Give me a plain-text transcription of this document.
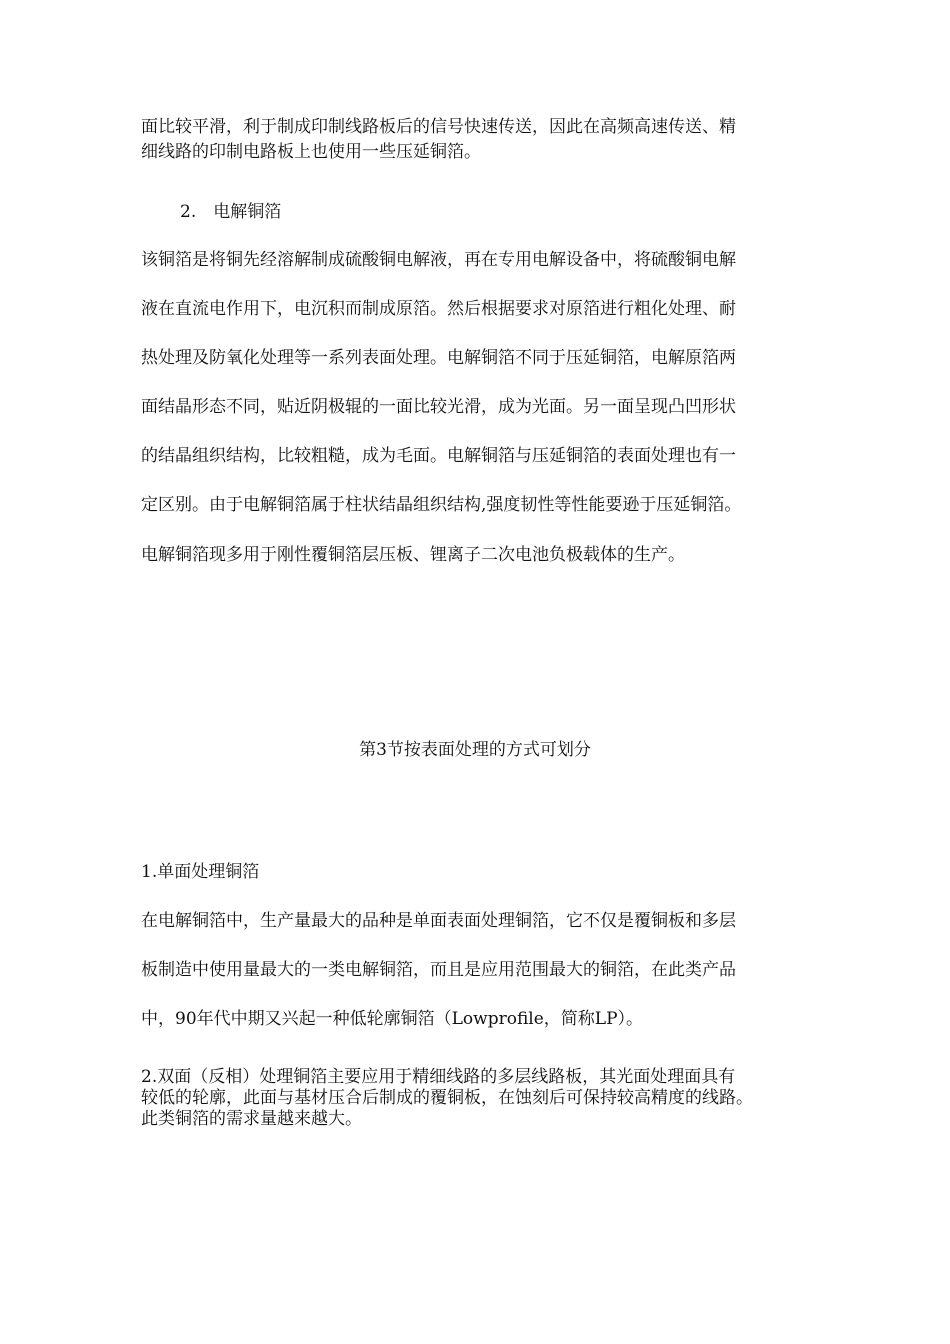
面比较平滑，利于制成印制线路板后的信号快速传送，因此在高频高速传送、精
细线路的印制电路板上也使用一些压延铜箔。
2.　电解铜箔
该铜箔是将铜先经溶解制成硫酸铜电解液，再在专用电解设备中，将硫酸铜电解
液在直流电作用下，电沉积而制成原箔。然后根据要求对原箔进行粗化处理、耐
热处理及防氧化处理等一系列表面处理。电解铜箔不同于压延铜箔，电解原箔两
面结晶形态不同，贴近阴极辊的一面比较光滑，成为光面。另一面呈现凸凹形状
的结晶组织结构，比较粗糙，成为毛面。电解铜箔与压延铜箔的表面处理也有一
定区别。由于电解铜箔属于柱状结晶组织结构,强度韧性等性能要逊于压延铜箔。
电解铜箔现多用于刚性覆铜箔层压板、锂离子二次电池负极载体的生产。
第3节按表面处理的方式可划分
1.单面处理铜箔
在电解铜箔中，生产量最大的品种是单面表面处理铜箔，它不仅是覆铜板和多层
板制造中使用量最大的一类电解铜箔，而且是应用范围最大的铜箔，在此类产品
中，90年代中期又兴起一种低轮廓铜箔（Lowprofile，简称LP）。
2.双面（反相）处理铜箔主要应用于精细线路的多层线路板，其光面处理面具有
较低的轮廓，此面与基材压合后制成的覆铜板，在蚀刻后可保持较高精度的线路。
此类铜箔的需求量越来越大。
